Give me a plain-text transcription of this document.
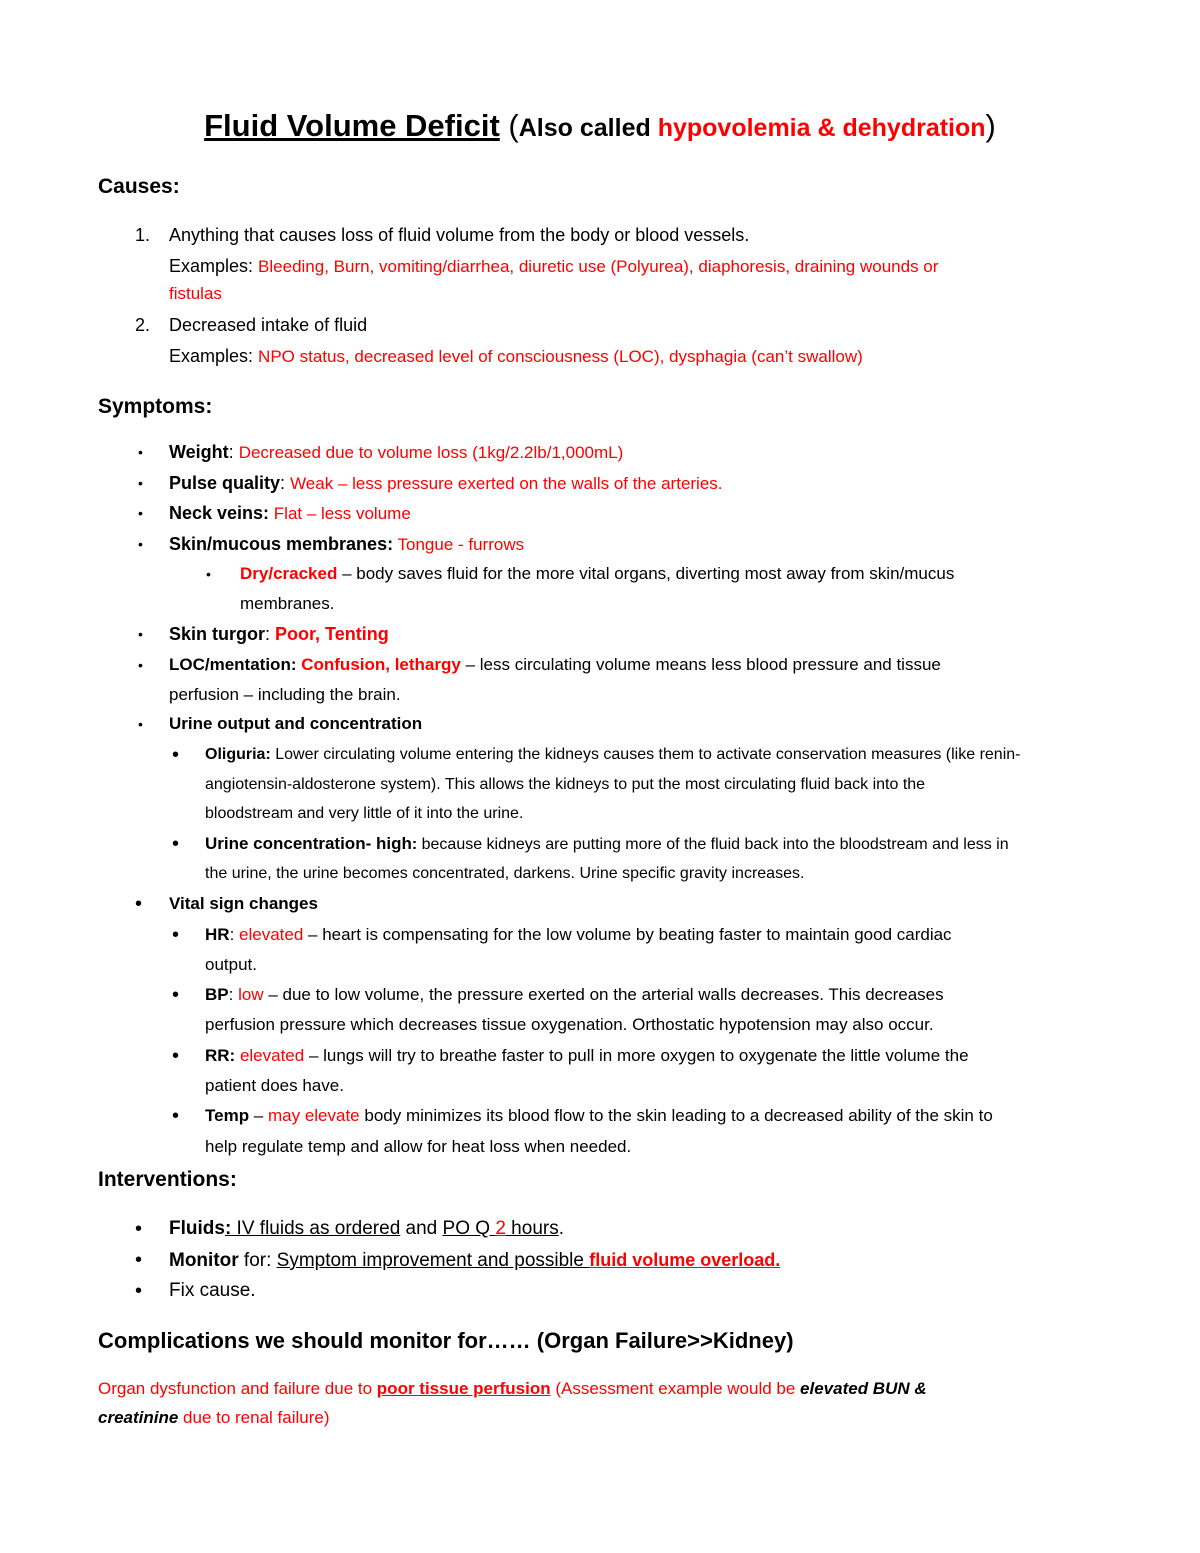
Fluid Volume Deficit (Also called hypovolemia & dehydration)
Causes:
1. Anything that causes loss of fluid volume from the body or blood vessels.
Examples: Bleeding, Burn, vomiting/diarrhea, diuretic use (Polyurea), diaphoresis, draining wounds or
fistulas
2. Decreased intake of fluid
Examples: NPO status, decreased level of consciousness (LOC), dysphagia (can’t swallow)
Symptoms:
• Weight: Decreased due to volume loss (1kg/2.2lb/1,000mL)
• Pulse quality: Weak – less pressure exerted on the walls of the arteries.
• Neck veins: Flat – less volume
• Skin/mucous membranes: Tongue - furrows
• Dry/cracked – body saves fluid for the more vital organs, diverting most away from skin/mucus
membranes.
• Skin turgor: Poor, Tenting
• LOC/mentation: Confusion, lethargy – less circulating volume means less blood pressure and tissue
perfusion – including the brain.
• Urine output and concentration
• Oliguria: Lower circulating volume entering the kidneys causes them to activate conservation measures (like renin-
angiotensin-aldosterone system). This allows the kidneys to put the most circulating fluid back into the
bloodstream and very little of it into the urine.
• Urine concentration- high: because kidneys are putting more of the fluid back into the bloodstream and less in
the urine, the urine becomes concentrated, darkens. Urine specific gravity increases.
• Vital sign changes
• HR: elevated – heart is compensating for the low volume by beating faster to maintain good cardiac
output.
• BP: low – due to low volume, the pressure exerted on the arterial walls decreases. This decreases
perfusion pressure which decreases tissue oxygenation. Orthostatic hypotension may also occur.
• RR: elevated – lungs will try to breathe faster to pull in more oxygen to oxygenate the little volume the
patient does have.
• Temp – may elevate body minimizes its blood flow to the skin leading to a decreased ability of the skin to
help regulate temp and allow for heat loss when needed.
Interventions:
• Fluids: IV fluids as ordered and PO Q 2 hours.
• Monitor for: Symptom improvement and possible fluid volume overload.
• Fix cause.
Complications we should monitor for…… (Organ Failure>>Kidney)
Organ dysfunction and failure due to poor tissue perfusion (Assessment example would be elevated BUN &
creatinine due to renal failure)
